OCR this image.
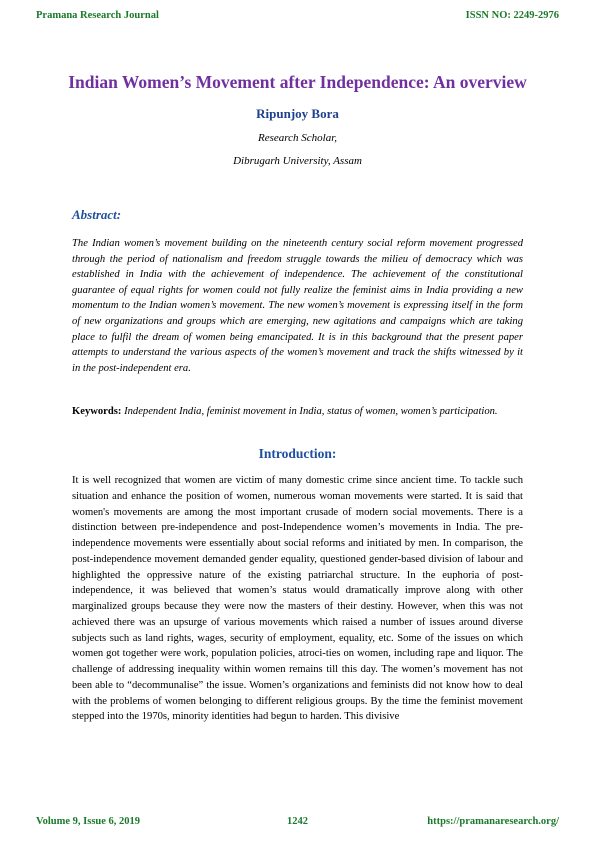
Pramana Research Journal	ISSN NO: 2249-2976
Indian Women’s Movement after Independence: An overview
Ripunjoy Bora
Research Scholar,
Dibrugarh University, Assam
Abstract:

The Indian women’s movement building on the nineteenth century social reform movement progressed through the period of nationalism and freedom struggle towards the milieu of democracy which was established in India with the achievement of independence. The achievement of the constitutional guarantee of equal rights for women could not fully realize the feminist aims in India providing a new momentum to the Indian women’s movement. The new women’s movement is expressing itself in the form of new organizations and groups which are emerging, new agitations and campaigns which are taking place to fulfil the dream of women being emancipated. It is in this background that the present paper attempts to understand the various aspects of the women’s movement and track the shifts witnessed by it in the post-independent era.

Keywords: Independent India, feminist movement in India, status of women, women’s participation.

Introduction:

It is well recognized that women are victim of many domestic crime since ancient time. To tackle such situation and enhance the position of women, numerous woman movements were started. It is said that women's movements are among the most important crusade of modern social movements. There is a distinction between pre-independence and post-Independence women’s movements in India. The pre-independence movements were essentially about social reforms and initiated by men. In comparison, the post-independence movement demanded gender equality, questioned gender-based division of labour and highlighted the oppressive nature of the existing patriarchal structure. In the euphoria of post-independence, it was believed that women’s status would dramatically improve along with other marginalized groups because they were now the masters of their destiny. However, when this was not achieved there was an upsurge of various movements which raised a number of issues around diverse subjects such as land rights, wages, security of employment, equality, etc. Some of the issues on which women got together were work, population policies, atroci-ties on women, including rape and liquor. The challenge of addressing inequality within women remains till this day. The women’s movement has not been able to “decommunalise” the issue. Women’s organizations and feminists did not know how to deal with the problems of women belonging to different religious groups. By the time the feminist movement stepped into the 1970s, minority identities had begun to harden. This divisive

Volume 9, Issue 6, 2019	1242	https://pramanaresearch.org/
